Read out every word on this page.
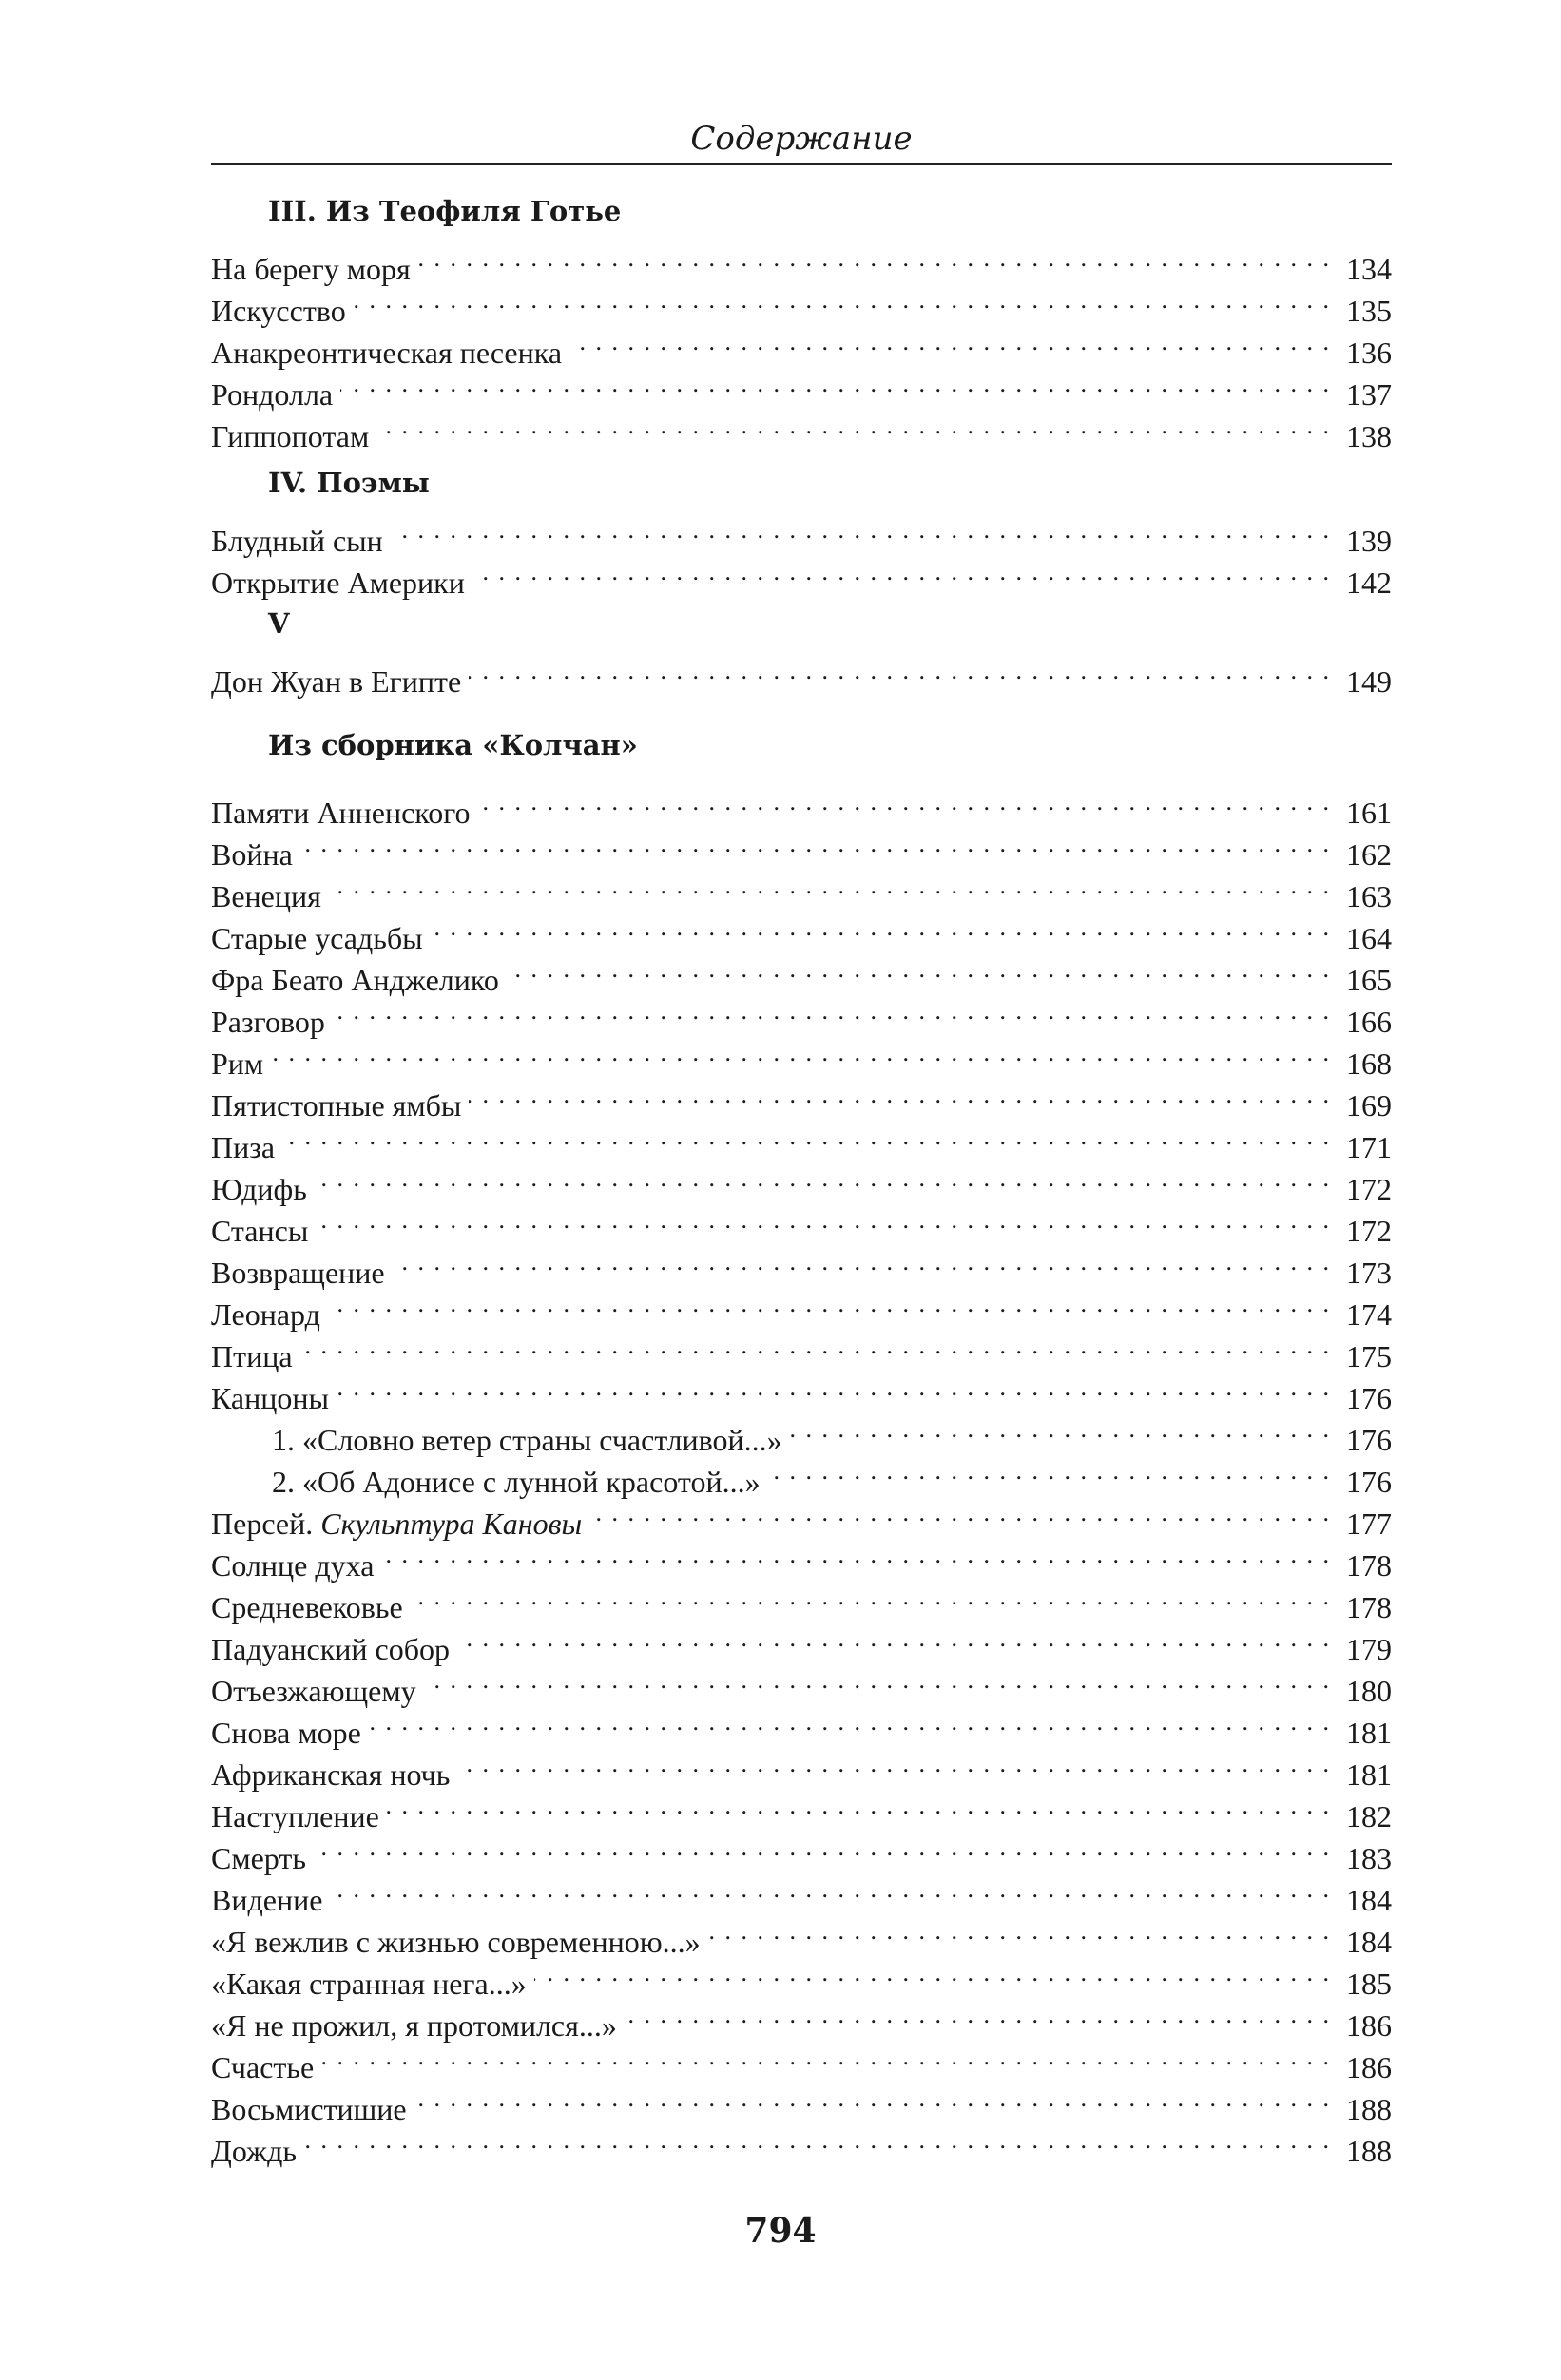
Содержание
III. Из Теофиля Готье
На берегу моря . . .	134
Искусство . . .	135
Анакреонтическая песенка . . .	136
Рондолла . . .	137
Гиппопотам . . .	138
IV. Поэмы
Блудный сын . . .	139
Открытие Америки . . .	142
V
Дон Жуан в Египте . . .	149
Из сборника «Колчан»
Памяти Анненского . . .	161
Война . . .	162
Венеция . . .	163
Старые усадьбы . . .	164
Фра Беато Анджелико . . .	165
Разговор . . .	166
Рим . . .	168
Пятистопные ямбы . . .	169
Пиза . . .	171
Юдифь . . .	172
Стансы . . .	172
Возвращение . . .	173
Леонард . . .	174
Птица . . .	175
Канцоны . . .	176
1. «Словно ветер страны счастливой...» . . .	176
2. «Об Адонисе с лунной красотой...» . . .	176
Персей. Скульптура Кановы . . .	177
Солнце духа . . .	178
Средневековье . . .	178
Падуанский собор . . .	179
Отъезжающему . . .	180
Снова море . . .	181
Африканская ночь . . .	181
Наступление . . .	182
Смерть . . .	183
Видение . . .	184
«Я вежлив с жизнью современною...» . . .	184
«Какая странная нега...» . . .	185
«Я не прожил, я протомился...» . . .	186
Счастье . . .	186
Восьмистишие . . .	188
Дождь . . .	188
794
